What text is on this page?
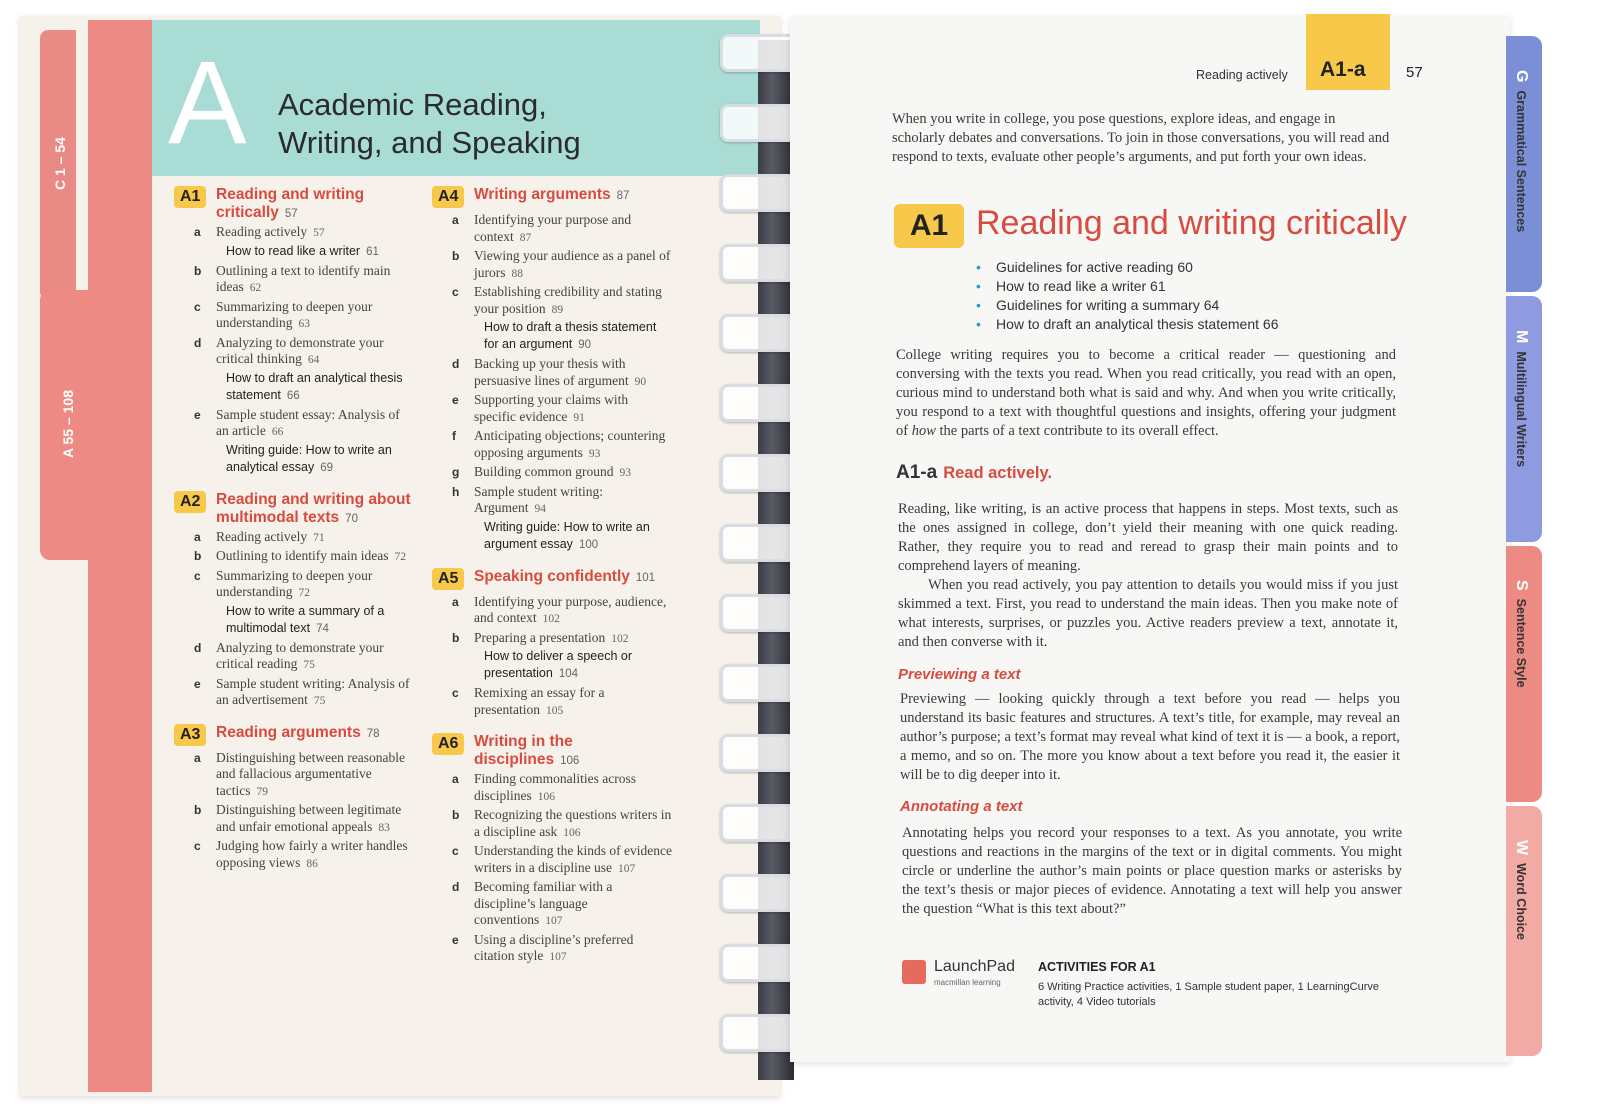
C 1 – 54
A 55 – 108
A Academic Reading, Writing, and Speaking
A1	Reading and writing critically 57
a Reading actively 57
How to read like a writer 61
b Outlining a text to identify main ideas 62
c Summarizing to deepen your understanding 63
d Analyzing to demonstrate your critical thinking 64
How to draft an analytical thesis statement 66
e Sample student essay: Analysis of an article 66
Writing guide: How to write an analytical essay 69
A2	Reading and writing about multimodal texts 70
a Reading actively 71
b Outlining to identify main ideas 72
c Summarizing to deepen your understanding 72
How to write a summary of a multimodal text 74
d Analyzing to demonstrate your critical reading 75
e Sample student writing: Analysis of an advertisement 75
A3	Reading arguments 78
a Distinguishing between reasonable and fallacious argumentative tactics 79
b Distinguishing between legitimate and unfair emotional appeals 83
c Judging how fairly a writer handles opposing views 86
A4	Writing arguments 87
a Identifying your purpose and context 87
b Viewing your audience as a panel of jurors 88
c Establishing credibility and stating your position 89
How to draft a thesis statement for an argument 90
d Backing up your thesis with persuasive lines of argument 90
e Supporting your claims with specific evidence 91
f Anticipating objections; countering opposing arguments 93
g Building common ground 93
h Sample student writing: Argument 94
Writing guide: How to write an argument essay 100
A5	Speaking confidently 101
a Identifying your purpose, audience, and context 102
b Preparing a presentation 102
How to deliver a speech or presentation 104
c Remixing an essay for a presentation 105
A6	Writing in the disciplines 106
a Finding commonalities across disciplines 106
b Recognizing the questions writers in a discipline ask 106
c Understanding the kinds of evidence writers in a discipline use 107
d Becoming familiar with a discipline’s language conventions 107
e Using a discipline’s preferred citation style 107
GGrammatical Sentences
MMultilingual Writers
SSentence Style
WWord Choice
Reading actively A1-a	57
When you write in college, you pose questions, explore ideas, and engage in scholarly debates and conversations. To join in those conversations, you will read and respond to texts, evaluate other people’s arguments, and put forth your own ideas.
A1 Reading and writing critically
• Guidelines for active reading 60
• How to read like a writer 61
• Guidelines for writing a summary 64
• How to draft an analytical thesis statement 66
College writing requires you to become a critical reader — questioning and conversing with the texts you read. When you read critically, you read with an open, curious mind to understand both what is said and why. And when you write critically, you respond to a text with thoughtful questions and insights, offering your judgment of how the parts of a text contribute to its overall effect.
A1-a Read actively.
Reading, like writing, is an active process that happens in steps. Most texts, such as the ones assigned in college, don’t yield their meaning with one quick reading. Rather, they require you to read and reread to grasp their main points and to comprehend layers of meaning.
When you read actively, you pay attention to details you would miss if you just skimmed a text. First, you read to understand the main ideas. Then you make note of what interests, surprises, or puzzles you. Active readers preview a text, annotate it, and then converse with it.
Previewing a text
Previewing — looking quickly through a text before you read — helps you understand its basic features and structures. A text’s title, for example, may reveal an author’s purpose; a text’s format may reveal what kind of text it is — a book, a report, a memo, and so on. The more you know about a text before you read it, the easier it will be to dig deeper into it.
Annotating a text
Annotating helps you record your responses to a text. As you annotate, you write questions and reactions in the margins of the text or in digital comments. You might circle or underline the author’s main points or place question marks or asterisks by the text’s thesis or major pieces of evidence. Annotating a text will help you answer the question “What is this text about?”
LaunchPad
macmillan learning
ACTIVITIES FOR A1
6 Writing Practice activities, 1 Sample student paper, 1 LearningCurve activity, 4 Video tutorials
